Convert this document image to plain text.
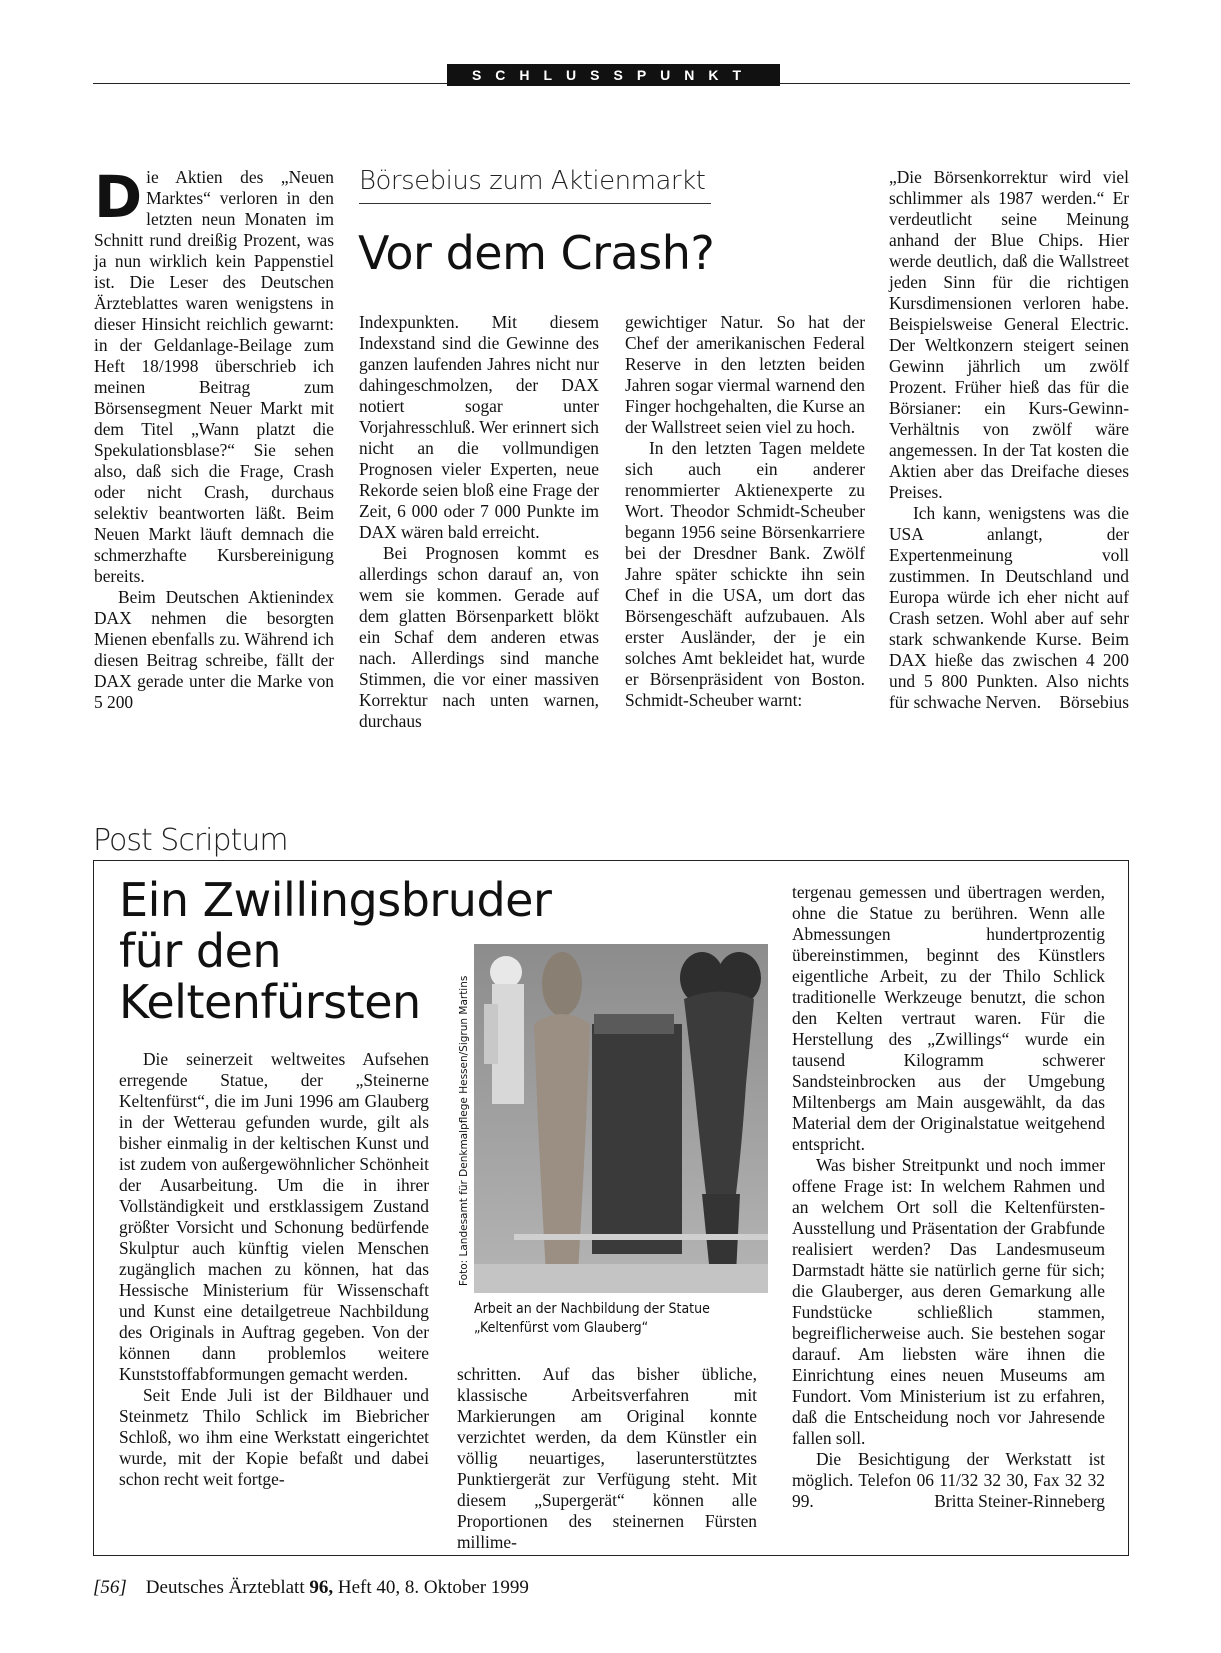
SCHLUSSPUNKT

Die Aktien des „Neuen Marktes“ verloren in den letzten neun Monaten im Schnitt rund dreißig Prozent, was ja nun wirklich kein Pappenstiel ist. Die Leser des Deutschen Ärzteblattes waren wenigstens in dieser Hinsicht reichlich gewarnt: in der Geldanlage-Beilage zum Heft 18/1998 überschrieb ich meinen Beitrag zum Börsensegment Neuer Markt mit dem Titel „Wann platzt die Spekulationsblase?“ Sie sehen also, daß sich die Frage, Crash oder nicht Crash, durchaus selektiv beantworten läßt. Beim Neuen Markt läuft demnach die schmerzhafte Kursbereinigung bereits.

Beim Deutschen Aktienindex DAX nehmen die besorgten Mienen ebenfalls zu. Während ich diesen Beitrag schreibe, fällt der DAX gerade unter die Marke von 5 200

Börsebius zum Aktienmarkt
Vor dem Crash?

Indexpunkten. Mit diesem Indexstand sind die Gewinne des ganzen laufenden Jahres nicht nur dahingeschmolzen, der DAX notiert sogar unter Vorjahresschluß. Wer erinnert sich nicht an die vollmundigen Prognosen vieler Experten, neue Rekorde seien bloß eine Frage der Zeit, 6 000 oder 7 000 Punkte im DAX wären bald erreicht.

Bei Prognosen kommt es allerdings schon darauf an, von wem sie kommen. Gerade auf dem glatten Börsenparkett blökt ein Schaf dem anderen etwas nach. Allerdings sind manche Stimmen, die vor einer massiven Korrektur nach unten warnen, durchaus

gewichtiger Natur. So hat der Chef der amerikanischen Federal Reserve in den letzten beiden Jahren sogar viermal warnend den Finger hochgehalten, die Kurse an der Wallstreet seien viel zu hoch.

In den letzten Tagen meldete sich auch ein anderer renommierter Aktienexperte zu Wort. Theodor Schmidt-Scheuber begann 1956 seine Börsenkarriere bei der Dresdner Bank. Zwölf Jahre später schickte ihn sein Chef in die USA, um dort das Börsengeschäft aufzubauen. Als erster Ausländer, der je ein solches Amt bekleidet hat, wurde er Börsenpräsident von Boston. Schmidt-Scheuber warnt:

„Die Börsenkorrektur wird viel schlimmer als 1987 werden.“ Er verdeutlicht seine Meinung anhand der Blue Chips. Hier werde deutlich, daß die Wallstreet jeden Sinn für die richtigen Kursdimensionen verloren habe. Beispielsweise General Electric. Der Weltkonzern steigert seinen Gewinn jährlich um zwölf Prozent. Früher hieß das für die Börsianer: ein Kurs-Gewinn-Verhältnis von zwölf wäre angemessen. In der Tat kosten die Aktien aber das Dreifache dieses Preises.

Ich kann, wenigstens was die USA anlangt, der Expertenmeinung voll zustimmen. In Deutschland und Europa würde ich eher nicht auf Crash setzen. Wohl aber auf sehr stark schwankende Kurse. Beim DAX hieße das zwischen 4 200 und 5 800 Punkten. Also nichts für schwache Nerven. Börsebius

Post Scriptum
Ein Zwillingsbruder
für den
Keltenfürsten

Die seinerzeit weltweites Aufsehen erregende Statue, der „Steinerne Keltenfürst“, die im Juni 1996 am Glauberg in der Wetterau gefunden wurde, gilt als bisher einmalig in der keltischen Kunst und ist zudem von außergewöhnlicher Schönheit der Ausarbeitung. Um die in ihrer Vollständigkeit und erstklassigem Zustand größter Vorsicht und Schonung bedürfende Skulptur auch künftig vielen Menschen zugänglich machen zu können, hat das Hessische Ministerium für Wissenschaft und Kunst eine detailgetreue Nachbildung des Originals in Auftrag gegeben. Von der können dann problemlos weitere Kunststoffabformungen gemacht werden.

Seit Ende Juli ist der Bildhauer und Steinmetz Thilo Schlick im Biebricher Schloß, wo ihm eine Werkstatt eingerichtet wurde, mit der Kopie befaßt und dabei schon recht weit fortge-

schritten. Auf das bisher übliche, klassische Arbeitsverfahren mit Markierungen am Original konnte verzichtet werden, da dem Künstler ein völlig neuartiges, laserunterstütztes Punktiergerät zur Verfügung steht. Mit diesem „Supergerät“ können alle Proportionen des steinernen Fürsten millime-

tergenau gemessen und übertragen werden, ohne die Statue zu berühren. Wenn alle Abmessungen hundertprozentig übereinstimmen, beginnt des Künstlers eigentliche Arbeit, zu der Thilo Schlick traditionelle Werkzeuge benutzt, die schon den Kelten vertraut waren. Für die Herstellung des „Zwillings“ wurde ein tausend Kilogramm schwerer Sandsteinbrocken aus der Umgebung Miltenbergs am Main ausgewählt, da das Material dem der Originalstatue weitgehend entspricht.

Was bisher Streitpunkt und noch immer offene Frage ist: In welchem Rahmen und an welchem Ort soll die Keltenfürsten-Ausstellung und Präsentation der Grabfunde realisiert werden? Das Landesmuseum Darmstadt hätte sie natürlich gerne für sich; die Glauberger, aus deren Gemarkung alle Fundstücke schließlich stammen, begreiflicherweise auch. Sie bestehen sogar darauf. Am liebsten wäre ihnen die Einrichtung eines neuen Museums am Fundort. Vom Ministerium ist zu erfahren, daß die Entscheidung noch vor Jahresende fallen soll.

Die Besichtigung der Werkstatt ist möglich. Telefon 06 11/32 32 30, Fax 32 32 99.	Britta Steiner-Rinneberg

Foto: Landesamt für Denkmalpflege Hessen/Sigrun Martins
Arbeit an der Nachbildung der Statue „Keltenfürst vom Glauberg“
[56] Deutsches Ärzteblatt 96, Heft 40, 8. Oktober 1999
